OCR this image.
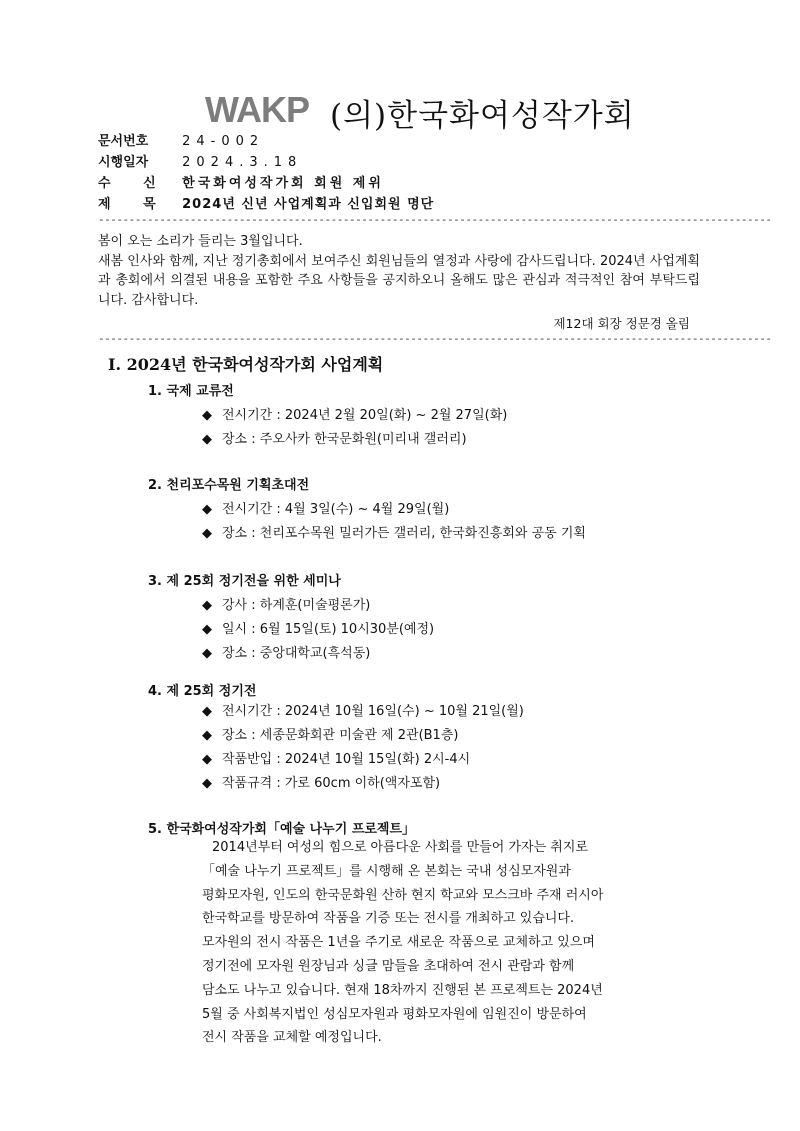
WAKP (의)한국화여성작가회
문서번호	24-002
시행일자	2024.3.18
수 신 한국화여성작가회 회원 제위
제 목 2024년 신년 사업계획과 신입회원 명단
--------------------------------------------------------------------------------------------------------------

봄이 오는 소리가 들리는 3월입니다.

새봄 인사와 함께, 지난 정기총회에서 보여주신 회원님들의 열정과 사랑에 감사드립니다. 2024년 사업계획과 총회에서 의결된 내용을 포함한 주요 사항들을 공지하오니 올해도 많은 관심과 적극적인 참여 부탁드립니다. 감사합니다.

제12대 회장 정문경 올림
--------------------------------------------------------------------------------------------------------------
Ⅰ. 2024년 한국화여성작가회 사업계획
1. 국제 교류전
◆ 전시기간 : 2024년 2월 20일(화) ~ 2월 27일(화)
◆ 장소 : 주오사카 한국문화원(미리내 갤러리)
2. 천리포수목원 기획초대전
◆ 전시기간 : 4월 3일(수) ~ 4월 29일(월)
◆ 장소 : 천리포수목원 밀러가든 갤러리, 한국화진흥회와 공동 기획
3. 제 25회 정기전을 위한 세미나
◆ 강사 : 하계훈(미술평론가)
◆ 일시 : 6월 15일(토) 10시30분(예정)
◆ 장소 : 중앙대학교(흑석동)
4. 제 25회 정기전
◆ 전시기간 : 2024년 10월 16일(수) ~ 10월 21일(월)
◆ 장소 : 세종문화회관 미술관 제 2관(B1층)
◆ 작품반입 : 2024년 10월 15일(화) 2시-4시
◆ 작품규격 : 가로 60cm 이하(액자포함)
5. 한국화여성작가회「예술 나누기 프로젝트」

2014년부터 여성의 힘으로 아름다운 사회를 만들어 가자는 취지로

「예술 나누기 프로젝트」를 시행해 온 본회는 국내 성심모자원과

평화모자원, 인도의 한국문화원 산하 현지 학교와 모스크바 주재 러시아

한국학교를 방문하여 작품을 기증 또는 전시를 개최하고 있습니다.

모자원의 전시 작품은 1년을 주기로 새로운 작품으로 교체하고 있으며

정기전에 모자원 원장님과 싱글 맘들을 초대하여 전시 관람과 함께

담소도 나누고 있습니다. 현재 18차까지 진행된 본 프로젝트는 2024년

5월 중 사회복지법인 성심모자원과 평화모자원에 임원진이 방문하여

전시 작품을 교체할 예정입니다.
